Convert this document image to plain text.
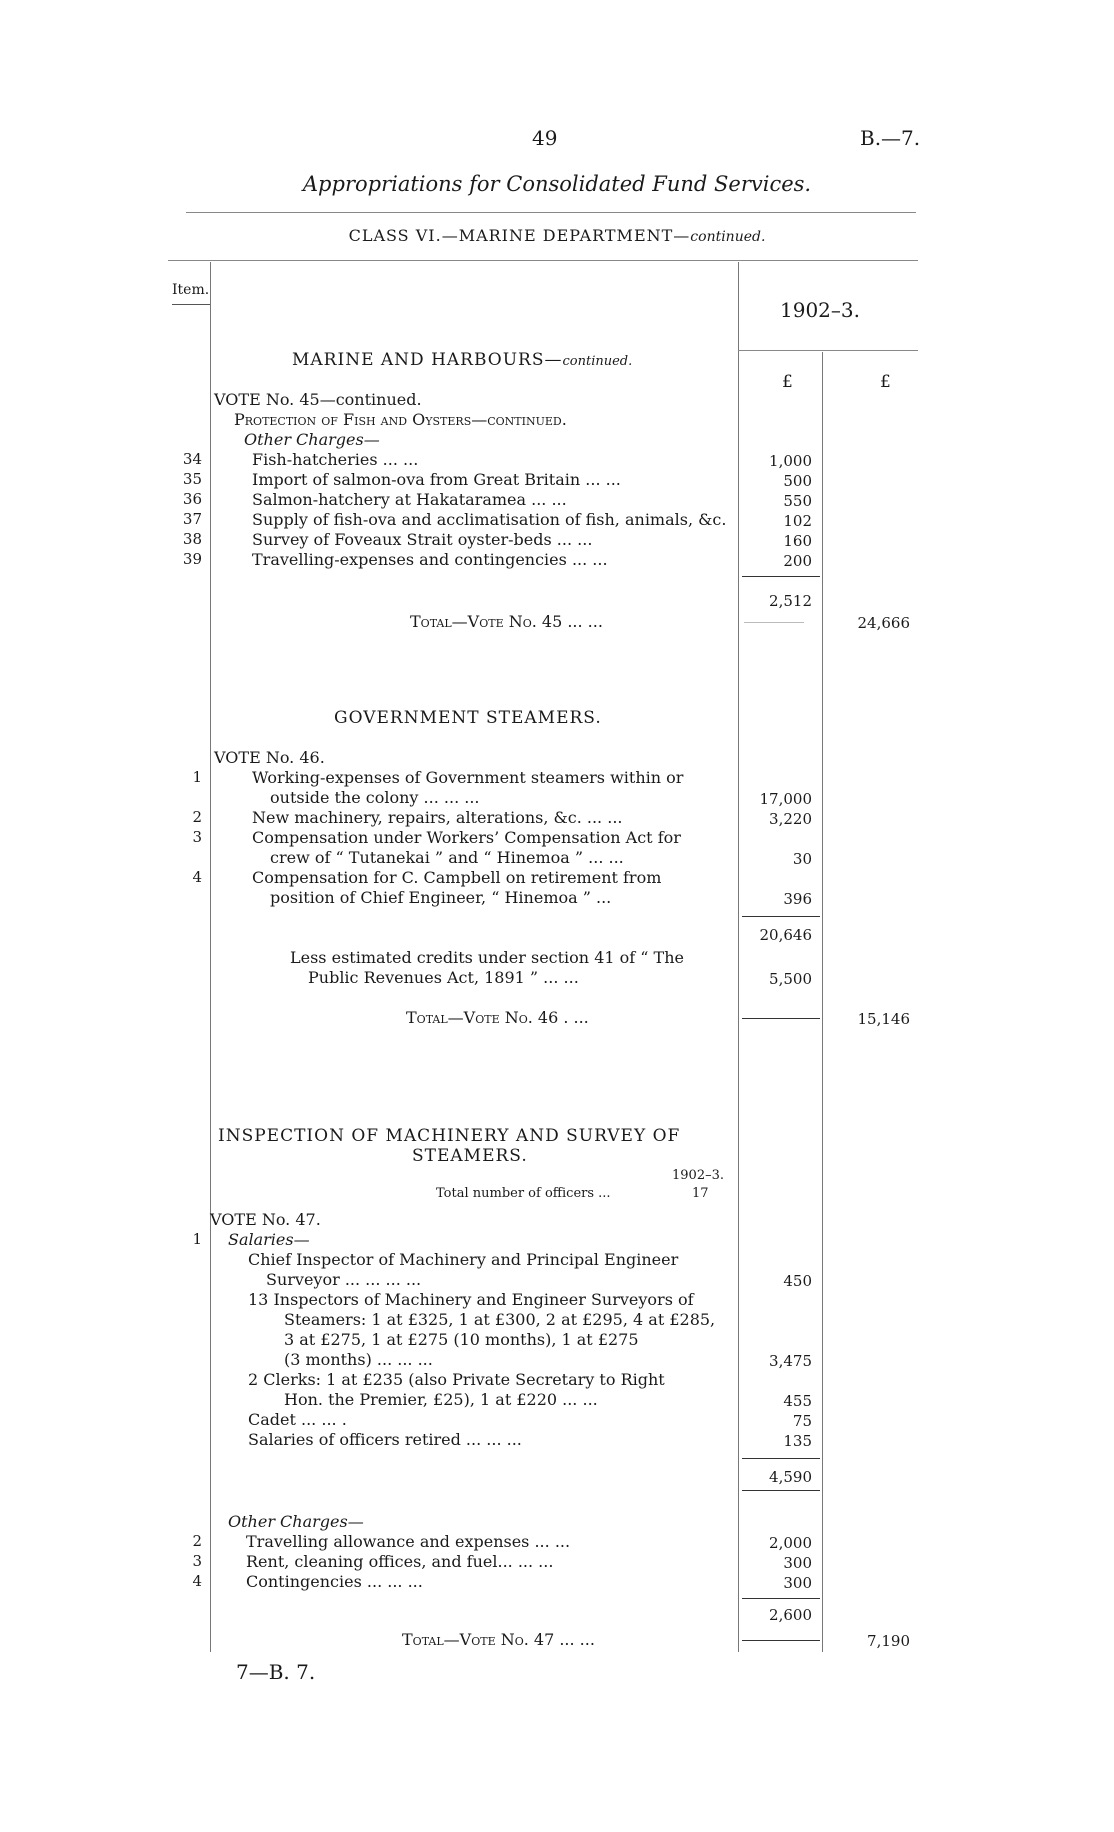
49	B.—7.
Appropriations for Consolidated Fund Services.
CLASS VI.—MARINE DEPARTMENT—continued.
Item.
1902–3.
£	£
MARINE AND HARBOURS—continued.
VOTE No. 45—continued.
Protection of Fish and Oysters—continued.
Other Charges—
34	Fish-hatcheries ... ...	1,000
35	Import of salmon-ova from Great Britain ... ...	500
36	Salmon-hatchery at Hakataramea ... ...	550
37	Supply of fish-ova and acclimatisation of fish, animals, &c.	102
38	Survey of Foveaux Strait oyster-beds ... ...	160
39	Travelling-expenses and contingencies ... ...	200
2,512
Total—Vote No. 45 ... ...	24,666
GOVERNMENT STEAMERS.
VOTE No. 46.
1	Working-expenses of Government steamers within or
outside the colony ... ... ...	17,000
2	New machinery, repairs, alterations, &c. ... ...	3,220
3	Compensation under Workers’ Compensation Act for
crew of “ Tutanekai ” and “ Hinemoa ” ... ...	30
4	Compensation for C. Campbell on retirement from
position of Chief Engineer, “ Hinemoa ” ...	396
20,646
Less estimated credits under section 41 of “ The
Public Revenues Act, 1891 ” ... ...	5,500
Total—Vote No. 46 . ...	15,146
INSPECTION OF MACHINERY AND SURVEY OF
STEAMERS.
1902–3.
Total number of officers ...	17
VOTE No. 47.
Salaries—
1
Chief Inspector of Machinery and Principal Engineer
Surveyor ... ... ... ...	450
13 Inspectors of Machinery and Engineer Surveyors of
Steamers: 1 at £325, 1 at £300, 2 at £295, 4 at £285,
3 at £275, 1 at £275 (10 months), 1 at £275
(3 months) ... ... ...	3,475
2 Clerks: 1 at £235 (also Private Secretary to Right
Hon. the Premier, £25), 1 at £220 ... ...	455
Cadet ... ... .	75
Salaries of officers retired ... ... ...	135
4,590
Other Charges—
2	Travelling allowance and expenses ... ...	2,000
3	Rent, cleaning offices, and fuel... ... ...	300
4	Contingencies ... ... ...	300
2,600
Total—Vote No. 47 ... ...	7,190
7—B. 7.
